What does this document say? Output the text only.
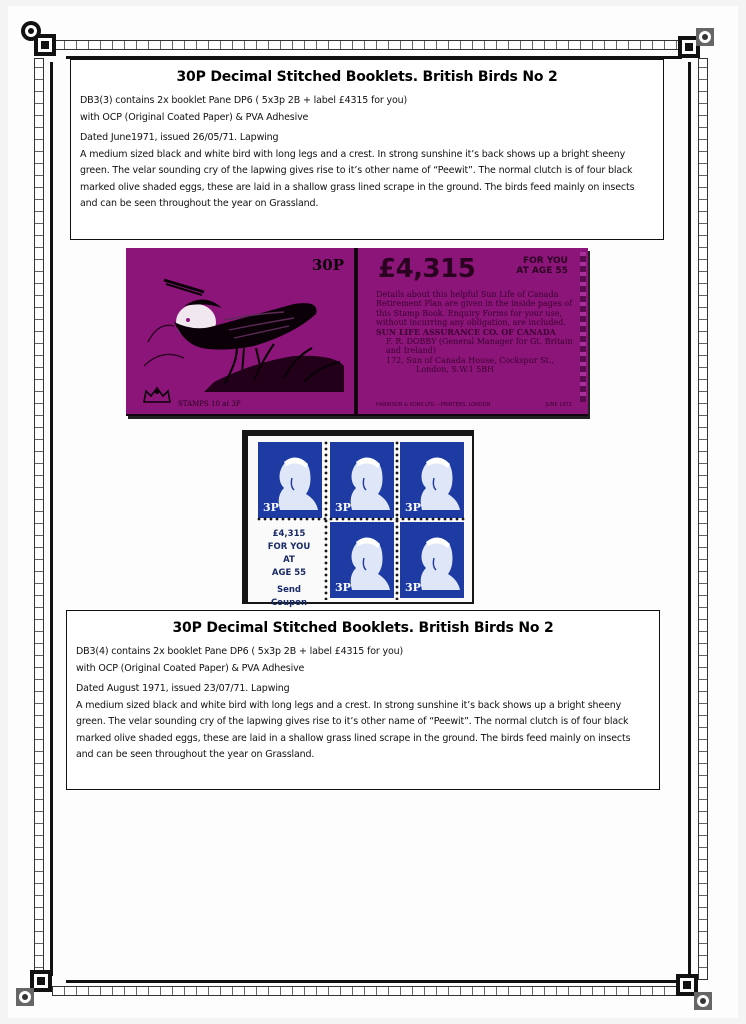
30P Decimal Stitched Booklets. British Birds No 2

DB3(3) contains 2x booklet Pane DP6 ( 5x3p 2B + label £4315 for you)

with OCP (Original Coated Paper) & PVA Adhesive

Dated June1971, issued 26/05/71. Lapwing

A medium sized black and white bird with long legs and a crest. In strong sunshine it’s back shows up a bright sheeny green. The velar sounding cry of the lapwing gives rise to it’s other name of “Peewit”. The normal clutch is of four black marked olive shaded eggs, these are laid in a shallow grass lined scrape in the ground. The birds feed mainly on insects and can be seen throughout the year on Grassland.

30P
STAMPS 10 at 3P
£4,315	FOR YOU
AT AGE 55
Details about this helpful Sun Life of Canada Retirement Plan are given in the inside pages of this Stamp Book. Enquiry Forms for your use, without incurring any obligation, are included.
SUN LIFE ASSURANCE CO. OF CANADA
F. R. DOBBY (General Manager for Gt. Britain and Ireland)
172, Sun of Canada House, Cockspur St.,
London, S.W.1 5BH
HARRISON & SONS LTD.—PRINTERS, LONDON	JUNE 1971
3P	3P	3P
£4,315
FOR YOU
AT
AGE 55
Send Coupon
3P	3P
30P Decimal Stitched Booklets. British Birds No 2

DB3(4) contains 2x booklet Pane DP6 ( 5x3p 2B + label £4315 for you)

with OCP (Original Coated Paper) & PVA Adhesive

Dated August 1971, issued 23/07/71. Lapwing

A medium sized black and white bird with long legs and a crest. In strong sunshine it’s back shows up a bright sheeny green. The velar sounding cry of the lapwing gives rise to it’s other name of “Peewit”. The normal clutch is of four black marked olive shaded eggs, these are laid in a shallow grass lined scrape in the ground. The birds feed mainly on insects and can be seen throughout the year on Grassland.
